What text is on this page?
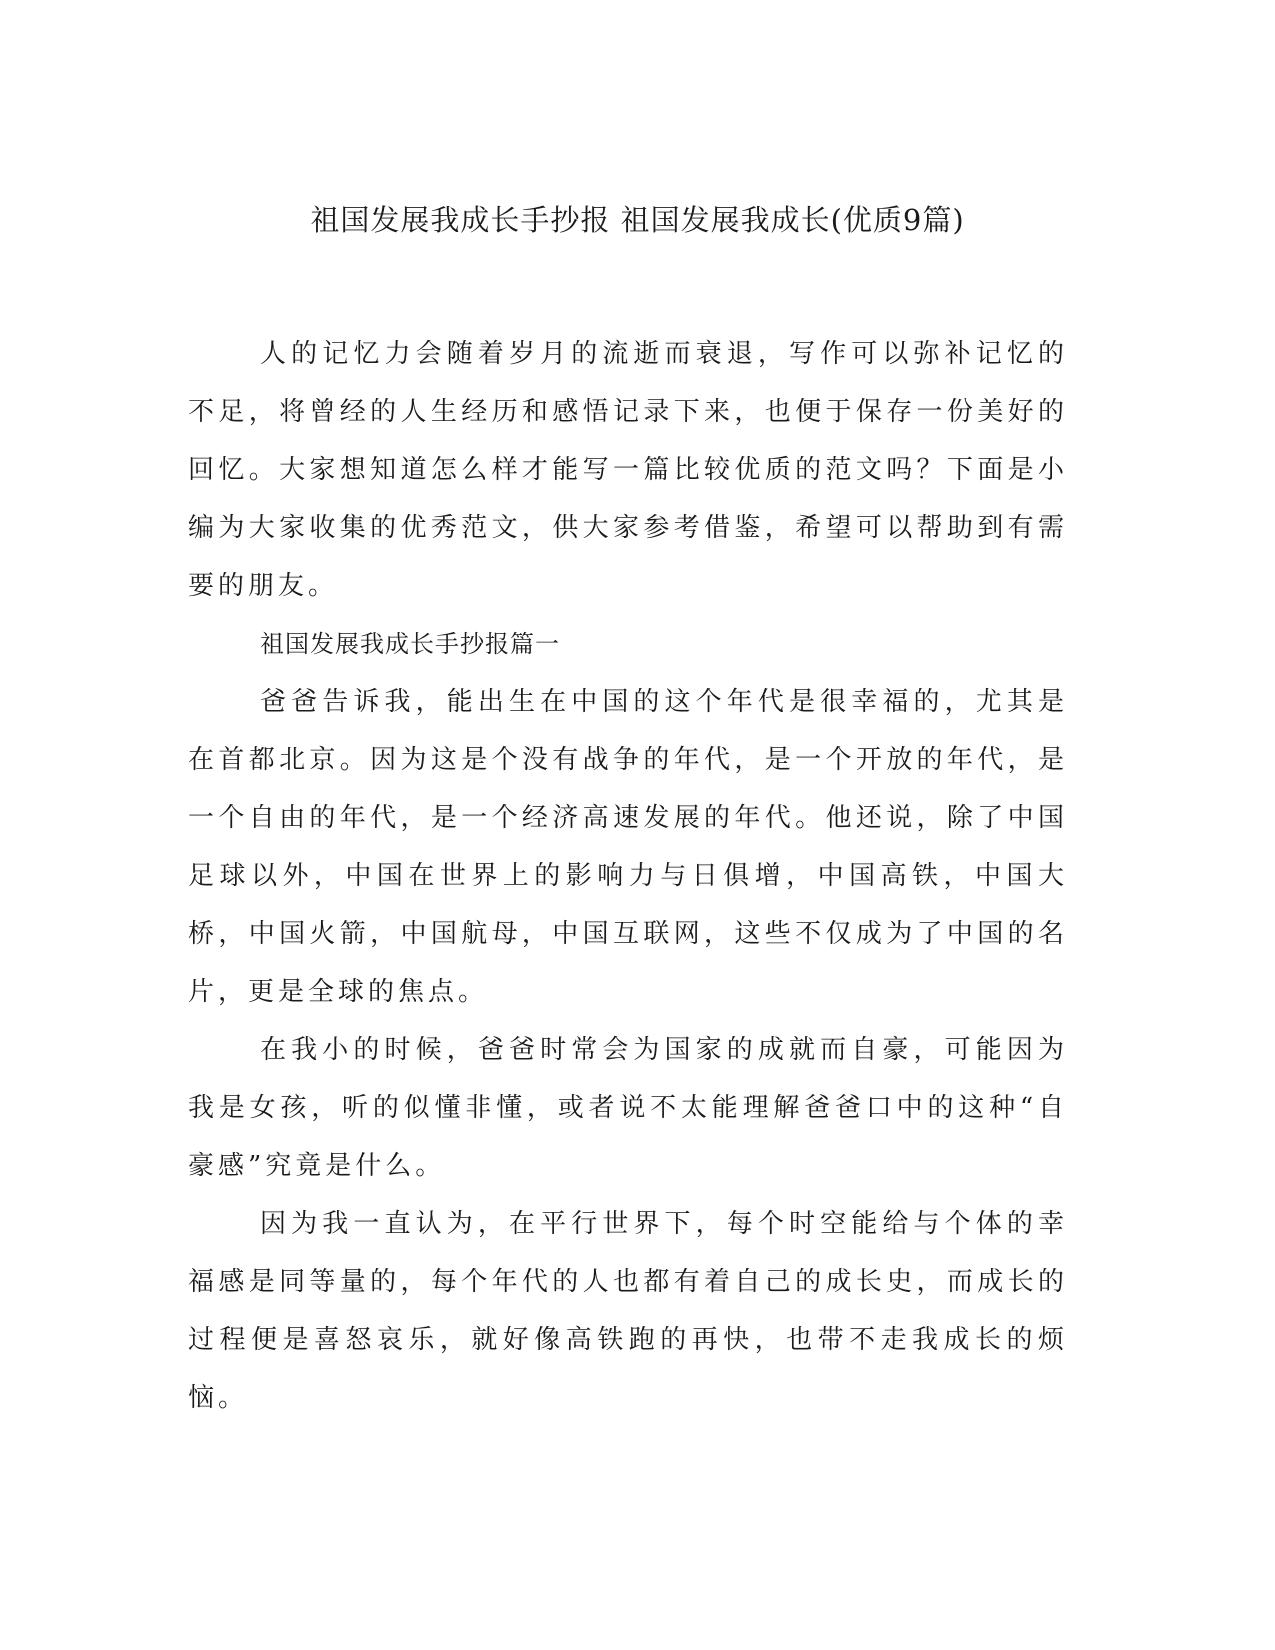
祖国发展我成长手抄报 祖国发展我成长(优质9篇)

人的记忆力会随着岁月的流逝而衰退，写作可以弥补记忆的不足，将曾经的人生经历和感悟记录下来，也便于保存一份美好的回忆。大家想知道怎么样才能写一篇比较优质的范文吗？下面是小编为大家收集的优秀范文，供大家参考借鉴，希望可以帮助到有需要的朋友。

祖国发展我成长手抄报篇一

爸爸告诉我，能出生在中国的这个年代是很幸福的，尤其是在首都北京。因为这是个没有战争的年代，是一个开放的年代，是一个自由的年代，是一个经济高速发展的年代。他还说，除了中国足球以外，中国在世界上的影响力与日俱增，中国高铁，中国大桥，中国火箭，中国航母，中国互联网，这些不仅成为了中国的名片，更是全球的焦点。

在我小的时候，爸爸时常会为国家的成就而自豪，可能因为我是女孩，听的似懂非懂，或者说不太能理解爸爸口中的这种“自豪感”究竟是什么。

因为我一直认为，在平行世界下，每个时空能给与个体的幸福感是同等量的，每个年代的人也都有着自己的成长史，而成长的过程便是喜怒哀乐，就好像高铁跑的再快，也带不走我成长的烦恼。
